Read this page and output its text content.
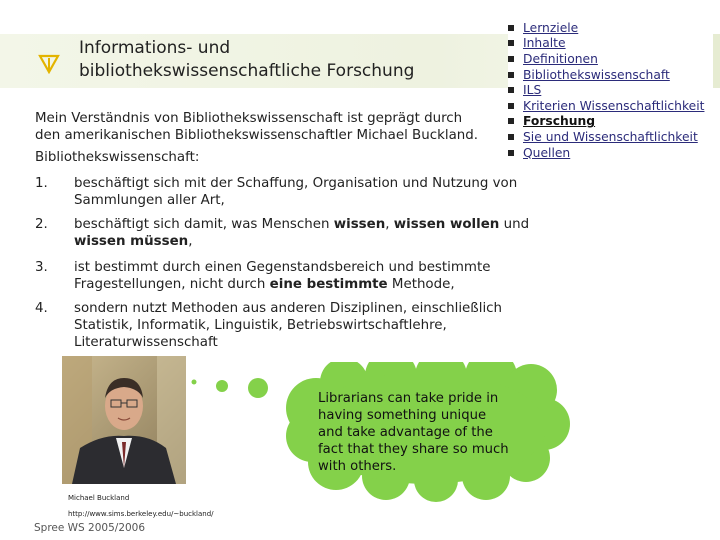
Informations- und
bibliothekswissenschaftliche Forschung
Lernziele
Inhalte
Definitionen
Bibliothekswissenschaft
ILS
Kriterien Wissenschaftlichkeit
Forschung
Sie und Wissenschaftlichkeit
Quellen
Mein Verständnis von Bibliothekswissenschaft ist geprägt durch
den amerikanischen Bibliothekswissenschaftler Michael Buckland.
Bibliothekswissenschaft:
1. beschäftigt sich mit der Schaffung, Organisation und Nutzung von
Sammlungen aller Art,
2. beschäftigt sich damit, was Menschen wissen, wissen wollen und
wissen müssen,
3. ist bestimmt durch einen Gegenstandsbereich und bestimmte
Fragestellungen, nicht durch eine bestimmte Methode,
4. sondern nutzt Methoden aus anderen Disziplinen, einschließlich
Statistik, Informatik, Linguistik, Betriebswirtschaftlehre,
Literaturwissenschaft
Michael Buckland
http://www.sims.berkeley.edu/~buckland/
Librarians can take pride in
having something unique
and take advantage of the
fact that they share so much
with others.
Spree WS 2005/2006
